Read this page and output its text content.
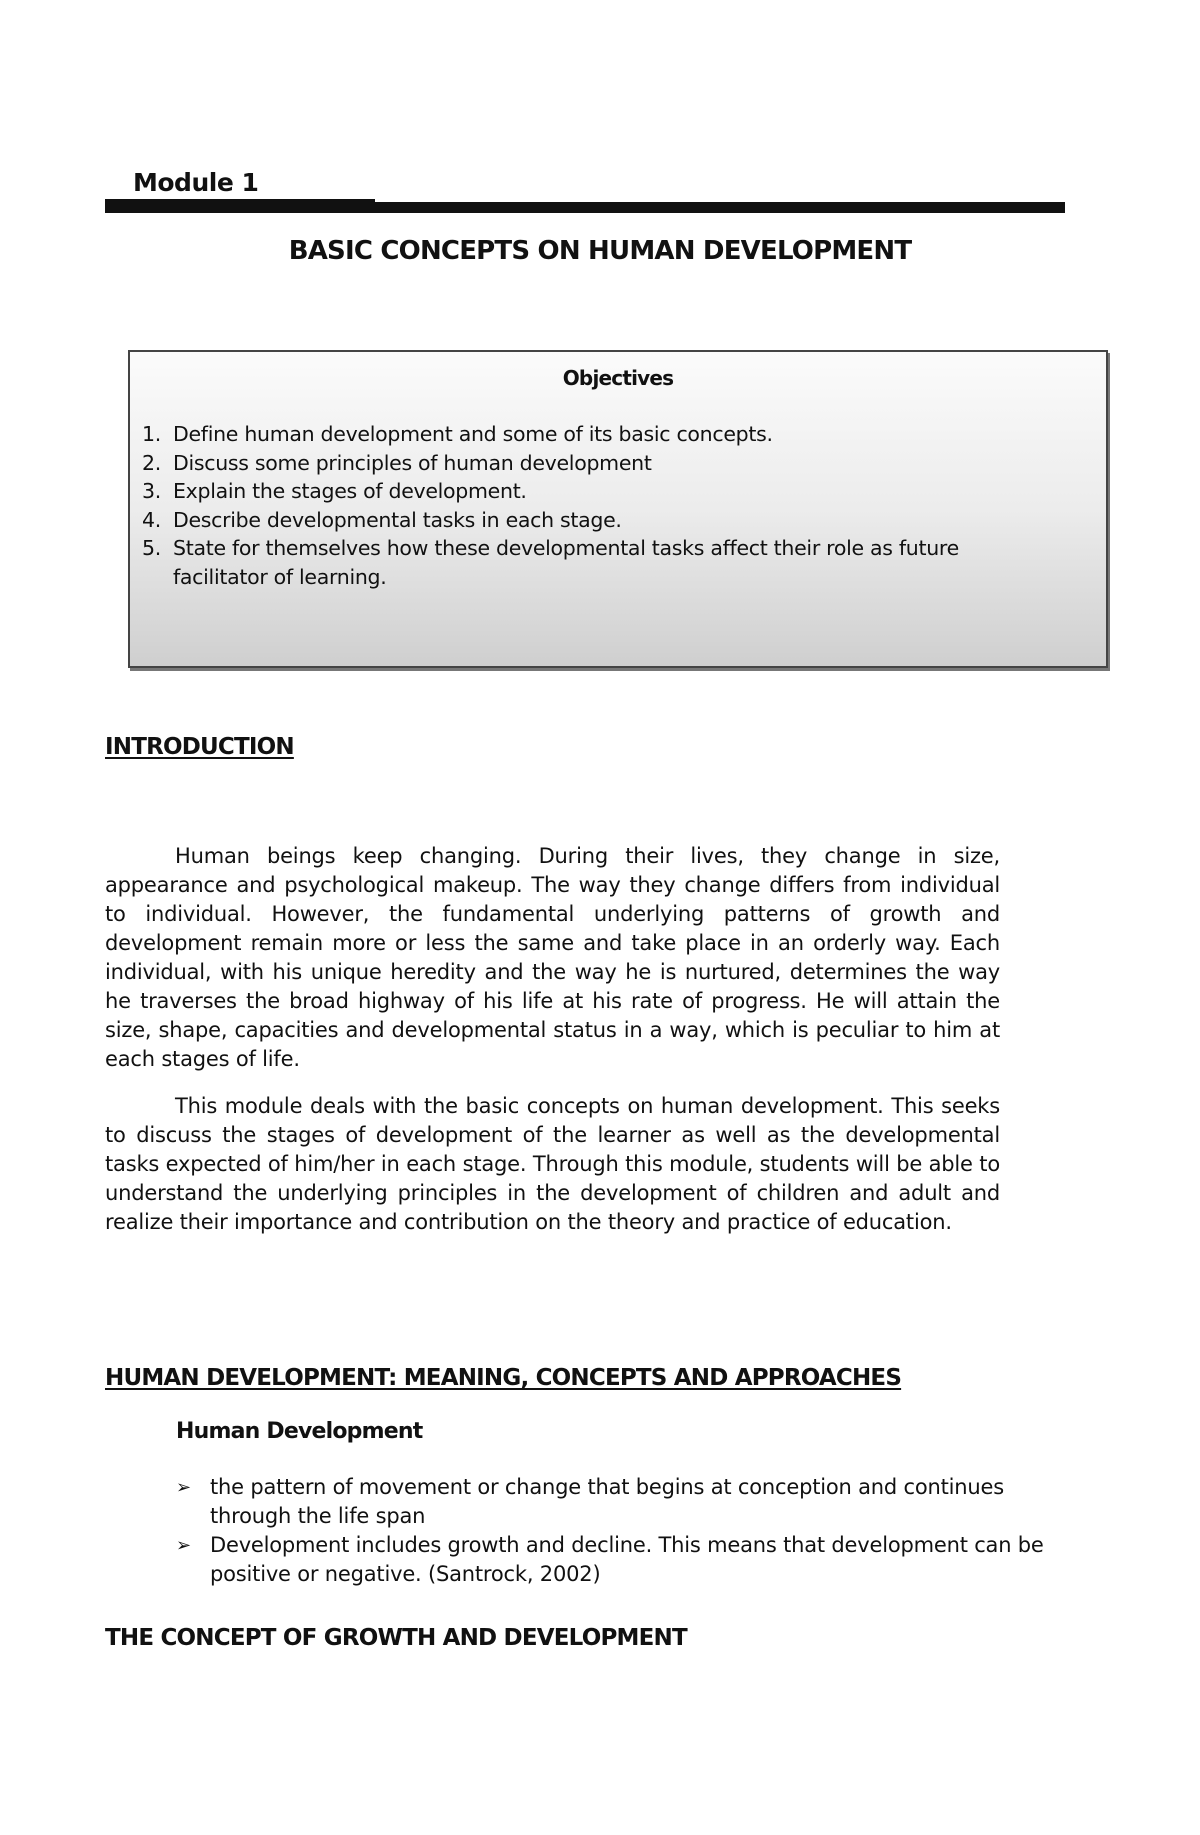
Module 1
BASIC CONCEPTS ON HUMAN DEVELOPMENT
Objectives
1. Define human development and some of its basic concepts.
2. Discuss some principles of human development
3. Explain the stages of development.
4. Describe developmental tasks in each stage.
5. State for themselves how these developmental tasks affect their role as future facilitator of learning.
INTRODUCTION

Human beings keep changing. During their lives, they change in size, appearance and psychological makeup. The way they change differs from individual to individual. However, the fundamental underlying patterns of growth and development remain more or less the same and take place in an orderly way. Each individual, with his unique heredity and the way he is nurtured, determines the way he traverses the broad highway of his life at his rate of progress. He will attain the size, shape, capacities and developmental status in a way, which is peculiar to him at each stages of life.

This module deals with the basic concepts on human development. This seeks to discuss the stages of development of the learner as well as the developmental tasks expected of him/her in each stage. Through this module, students will be able to understand the underlying principles in the development of children and adult and realize their importance and contribution on the theory and practice of education.

HUMAN DEVELOPMENT: MEANING, CONCEPTS AND APPROACHES
Human Development
➢ the pattern of movement or change that begins at conception and continues through the life span
➢ Development includes growth and decline. This means that development can be positive or negative. (Santrock, 2002)
THE CONCEPT OF GROWTH AND DEVELOPMENT
